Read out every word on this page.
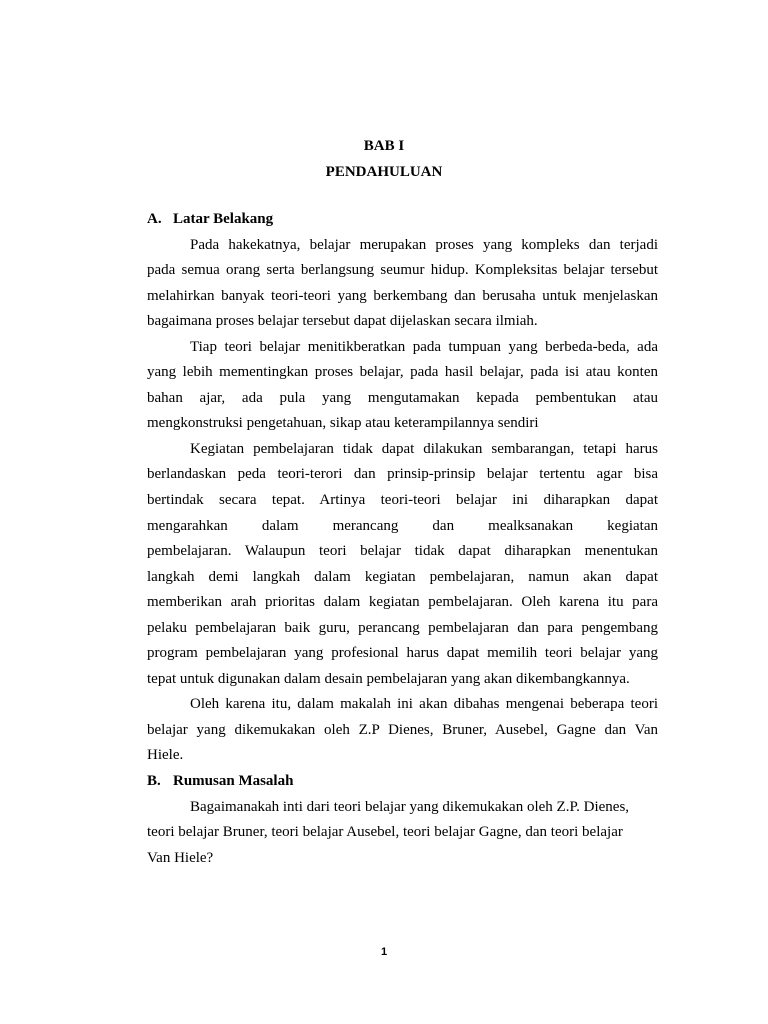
BAB I
PENDAHULUAN
A. Latar Belakang
Pada hakekatnya, belajar merupakan proses yang kompleks dan terjadi
pada semua orang serta berlangsung seumur hidup. Kompleksitas belajar tersebut
melahirkan banyak teori-teori yang berkembang dan berusaha untuk menjelaskan
bagaimana proses belajar tersebut dapat dijelaskan secara ilmiah.
Tiap teori belajar menitikberatkan pada tumpuan yang berbeda-beda, ada
yang lebih mementingkan proses belajar, pada hasil belajar, pada isi atau konten
bahan ajar, ada pula yang mengutamakan kepada pembentukan atau
mengkonstruksi pengetahuan, sikap atau keterampilannya sendiri
Kegiatan pembelajaran tidak dapat dilakukan sembarangan, tetapi harus
berlandaskan peda teori-terori dan prinsip-prinsip belajar tertentu agar bisa
bertindak secara tepat. Artinya teori-teori belajar ini diharapkan dapat
mengarahkan dalam merancang dan mealksanakan kegiatan
pembelajaran. Walaupun teori belajar tidak dapat diharapkan menentukan
langkah demi langkah dalam kegiatan pembelajaran, namun akan dapat
memberikan arah prioritas dalam kegiatan pembelajaran. Oleh karena itu para
pelaku pembelajaran baik guru, perancang pembelajaran dan para pengembang
program pembelajaran yang profesional harus dapat memilih teori belajar yang
tepat untuk digunakan dalam desain pembelajaran yang akan dikembangkannya.
Oleh karena itu, dalam makalah ini akan dibahas mengenai beberapa teori
belajar yang dikemukakan oleh Z.P Dienes, Bruner, Ausebel, Gagne dan Van
Hiele.
B. Rumusan Masalah
Bagaimanakah inti dari teori belajar yang dikemukakan oleh Z.P. Dienes,
teori belajar Bruner, teori belajar Ausebel, teori belajar Gagne, dan teori belajar
Van Hiele?
1
